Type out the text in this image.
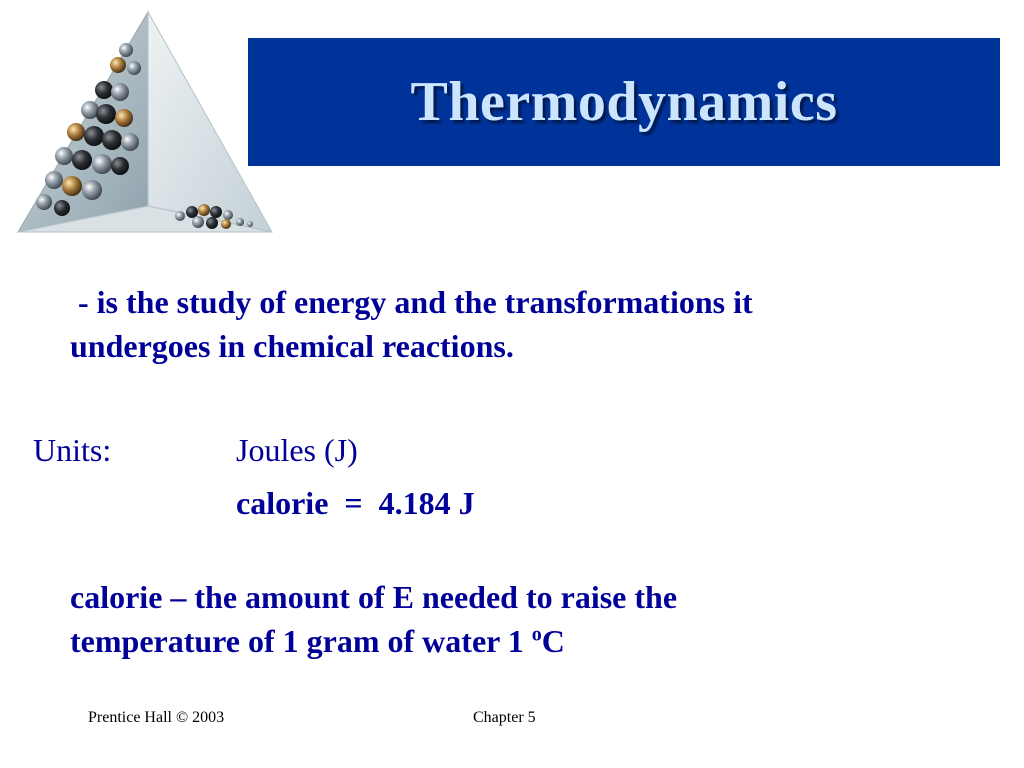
Thermodynamics
- is the study of energy and the transformations it
undergoes in chemical reactions.
Units:	Joules (J)
calorie  =  4.184 J
calorie – the amount of E needed to raise the
temperature of 1 gram of water 1 $^o$C
Prentice Hall © 2003	Chapter 5
